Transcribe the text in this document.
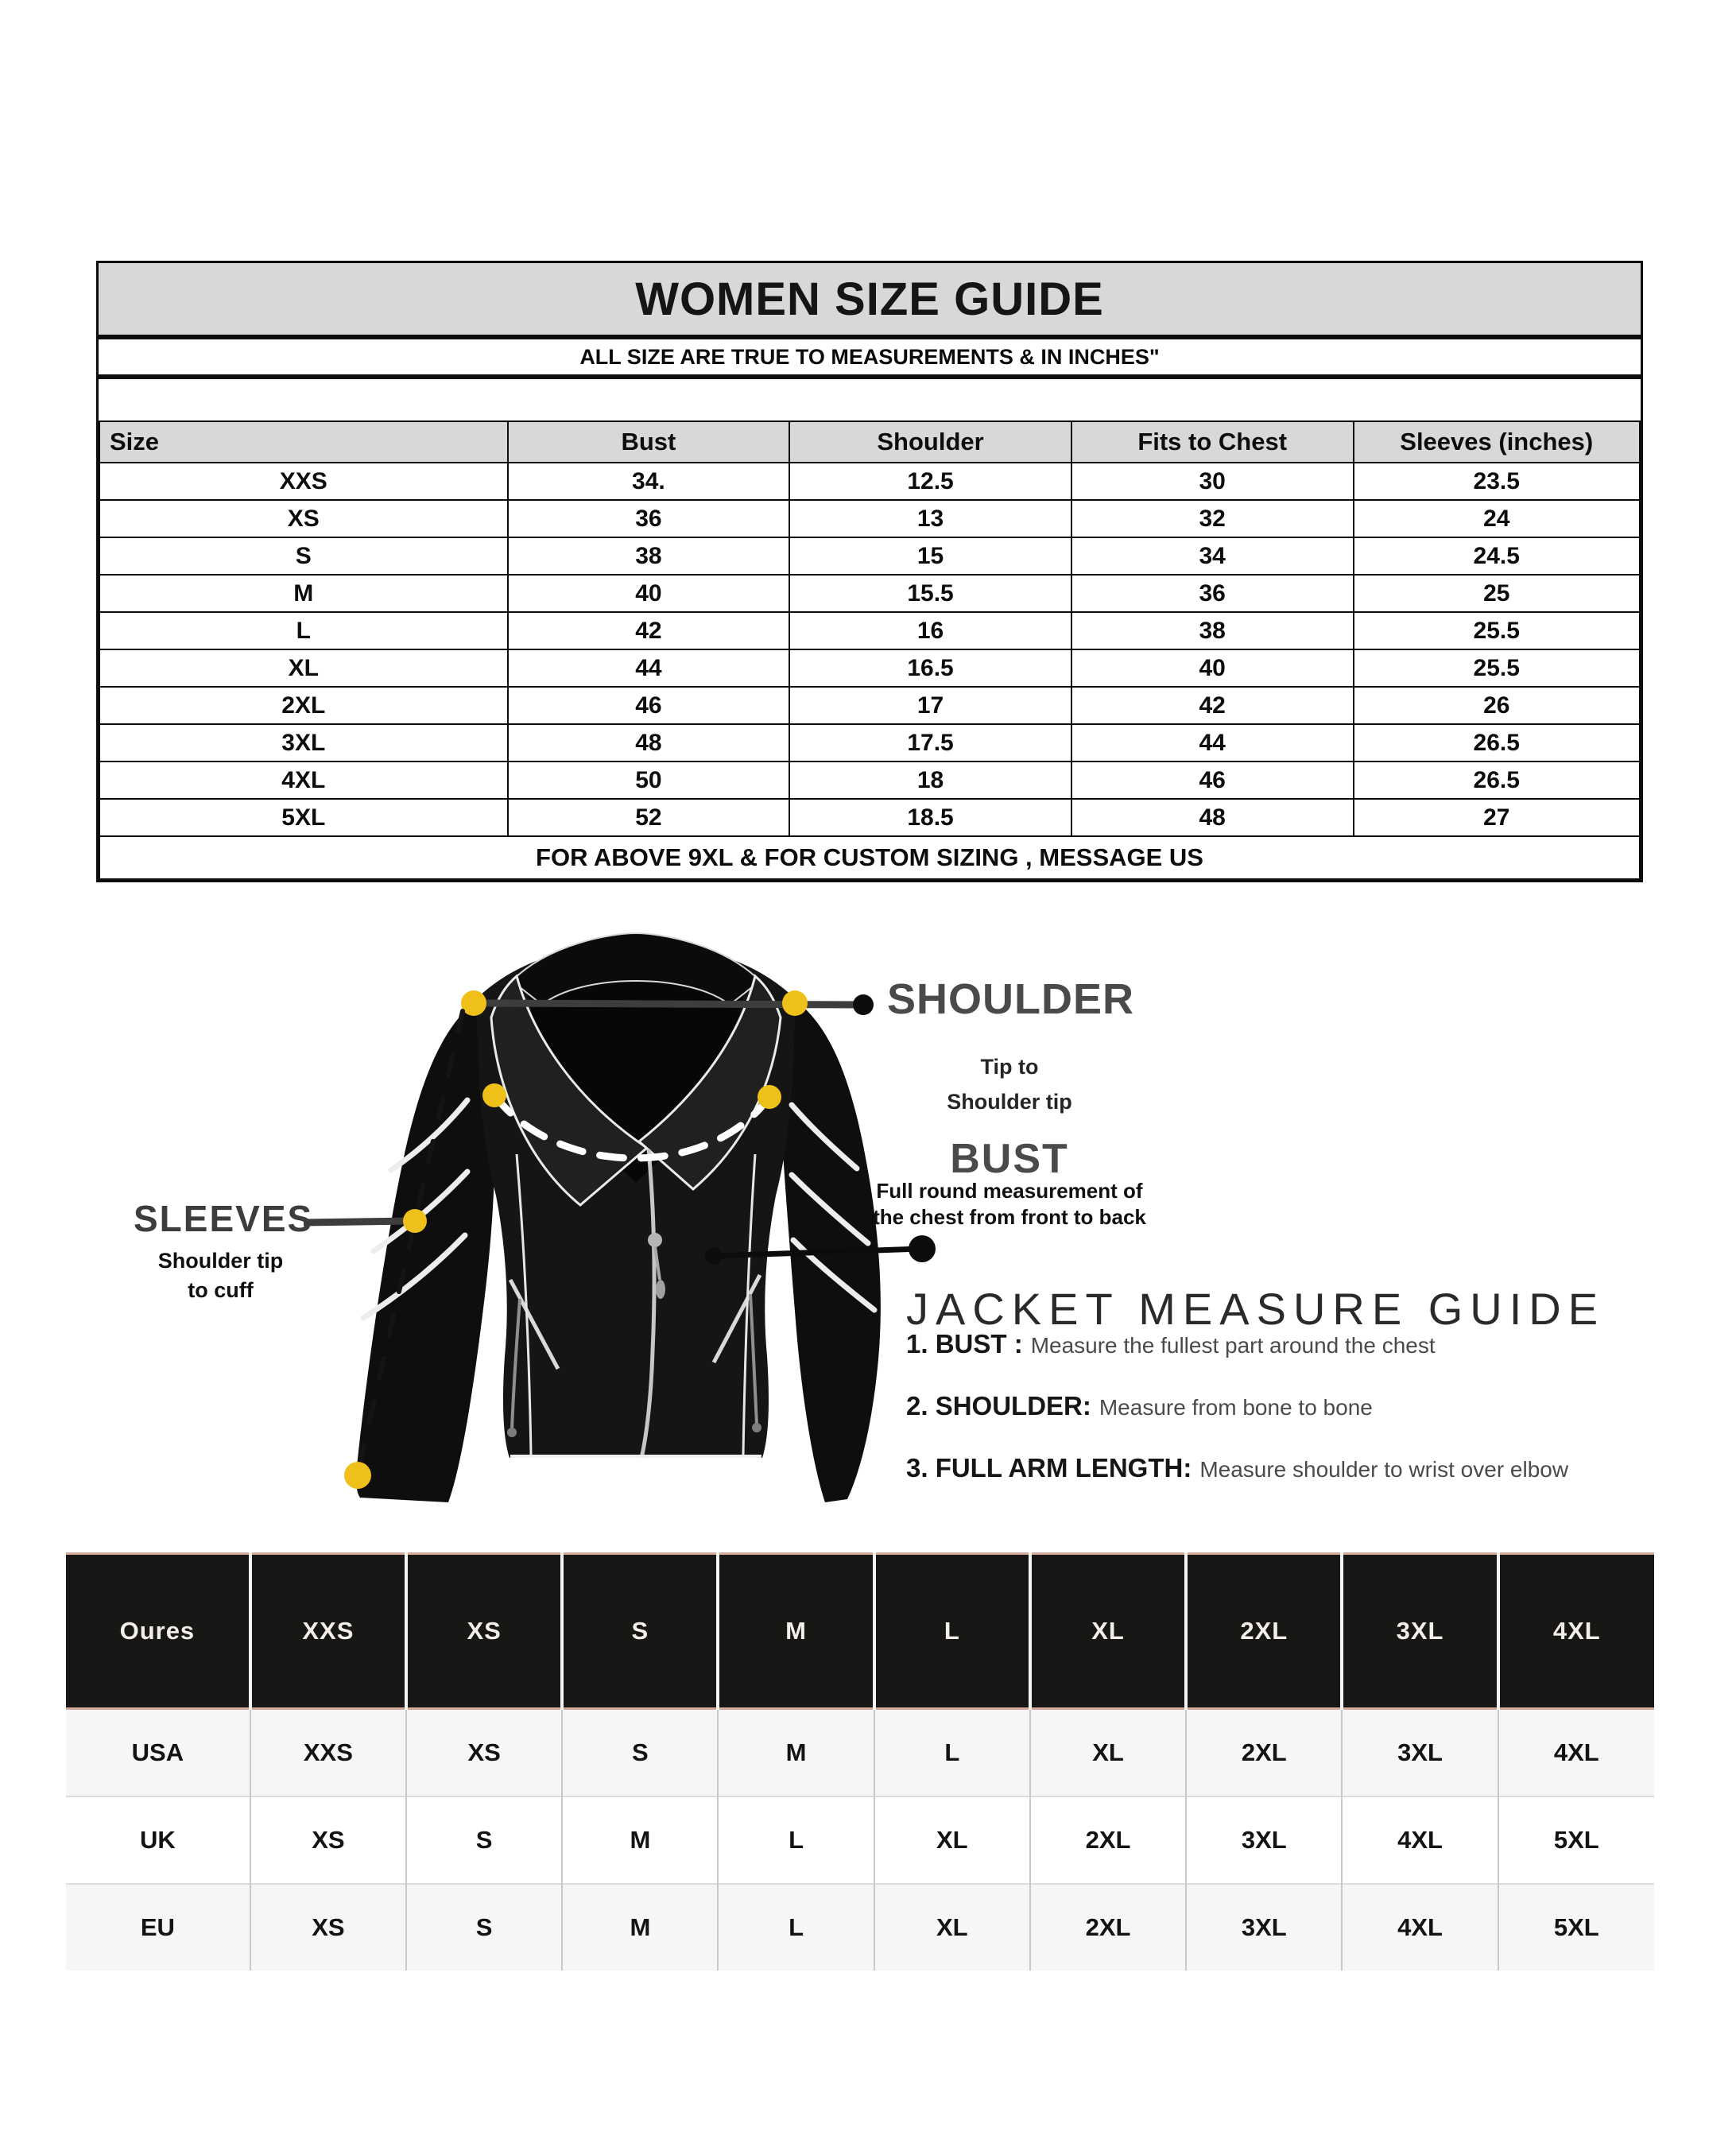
WOMEN SIZE GUIDE
ALL SIZE ARE TRUE TO MEASUREMENTS & IN INCHES"
Size	Bust	Shoulder	Fits to Chest	Sleeves (inches)
XXS	34.	12.5	30	23.5
XS	36	13	32	24
S	38	15	34	24.5
M	40	15.5	36	25
L	42	16	38	25.5
XL	44	16.5	40	25.5
2XL	46	17	42	26
3XL	48	17.5	44	26.5
4XL	50	18	46	26.5
5XL	52	18.5	48	27
FOR ABOVE 9XL & FOR CUSTOM SIZING , MESSAGE US				
SHOULDER
Tip to
Shoulder tip
BUST
Full round measurement of
the chest from front to back
SLEEVES
Shoulder tip
to cuff	JACKET MEASURE GUIDE
1. BUST : Measure the fullest part around the chest
2. SHOULDER: Measure from bone to bone
3. FULL ARM LENGTH: Measure shoulder to wrist over elbow
Oures	XXS	XS	S	M	L	XL	2XL	3XL	4XL
USA	XXS	XS	S	M	L	XL	2XL	3XL	4XL
UK	XS	S	M	L	XL	2XL	3XL	4XL	5XL
EU	XS	S	M	L	XL	2XL	3XL	4XL	5XL
